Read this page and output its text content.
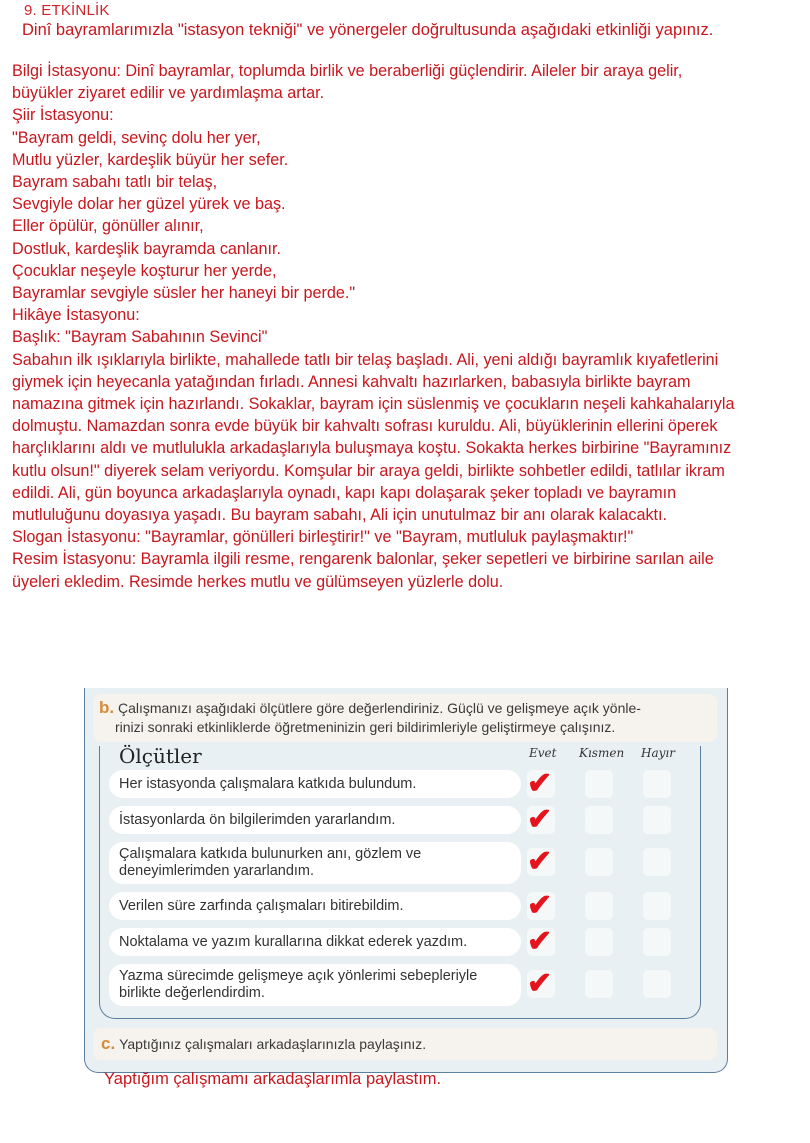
9. ETKİNLİK
Dinî bayramlarımızla "istasyon tekniği" ve yönergeler doğrultusunda aşağıdaki etkinliği yapınız.
Bilgi İstasyonu: Dinî bayramlar, toplumda birlik ve beraberliği güçlendirir. Aileler bir araya gelir,
büyükler ziyaret edilir ve yardımlaşma artar.
Şiir İstasyonu:
"Bayram geldi, sevinç dolu her yer,
Mutlu yüzler, kardeşlik büyür her sefer.
Bayram sabahı tatlı bir telaş,
Sevgiyle dolar her güzel yürek ve baş.
Eller öpülür, gönüller alınır,
Dostluk, kardeşlik bayramda canlanır.
Çocuklar neşeyle koşturur her yerde,
Bayramlar sevgiyle süsler her haneyi bir perde."
Hikâye İstasyonu:
Başlık: "Bayram Sabahının Sevinci"
Sabahın ilk ışıklarıyla birlikte, mahallede tatlı bir telaş başladı. Ali, yeni aldığı bayramlık kıyafetlerini
giymek için heyecanla yatağından fırladı. Annesi kahvaltı hazırlarken, babasıyla birlikte bayram
namazına gitmek için hazırlandı. Sokaklar, bayram için süslenmiş ve çocukların neşeli kahkahalarıyla
dolmuştu. Namazdan sonra evde büyük bir kahvaltı sofrası kuruldu. Ali, büyüklerinin ellerini öperek
harçlıklarını aldı ve mutlulukla arkadaşlarıyla buluşmaya koştu. Sokakta herkes birbirine "Bayramınız
kutlu olsun!" diyerek selam veriyordu. Komşular bir araya geldi, birlikte sohbetler edildi, tatlılar ikram
edildi. Ali, gün boyunca arkadaşlarıyla oynadı, kapı kapı dolaşarak şeker topladı ve bayramın
mutluluğunu doyasıya yaşadı. Bu bayram sabahı, Ali için unutulmaz bir anı olarak kalacaktı.
Slogan İstasyonu: "Bayramlar, gönülleri birleştirir!" ve "Bayram, mutluluk paylaşmaktır!"
Resim İstasyonu: Bayramla ilgili resme, rengarenk balonlar, şeker sepetleri ve birbirine sarılan aile
üyeleri ekledim. Resimde herkes mutlu ve gülümseyen yüzlerle dolu.
b. Çalışmanızı aşağıdaki ölçütlere göre değerlendiriniz. Güçlü ve gelişmeye açık yönle-
rinizi sonraki etkinliklerde öğretmeninizin geri bildirimleriyle geliştirmeye çalışınız.
Ölçütler	Evet Kısmen Hayır
Her istasyonda çalışmalara katkıda bulundum.	✔
İstasyonlarda ön bilgilerimden yararlandım.	✔
Çalışmalara katkıda bulunurken anı, gözlem ve deneyimlerimden yararlandım.	✔
Verilen süre zarfında çalışmaları bitirebildim.	✔
Noktalama ve yazım kurallarına dikkat ederek yazdım.	✔
Yazma sürecimde gelişmeye açık yönlerimi sebepleriyle birlikte değerlendirdim.	✔
c.
Yaptığınız çalışmaları arkadaşlarınızla paylaşınız.
Yaptığım çalışmamı arkadaşlarımla paylastım.
